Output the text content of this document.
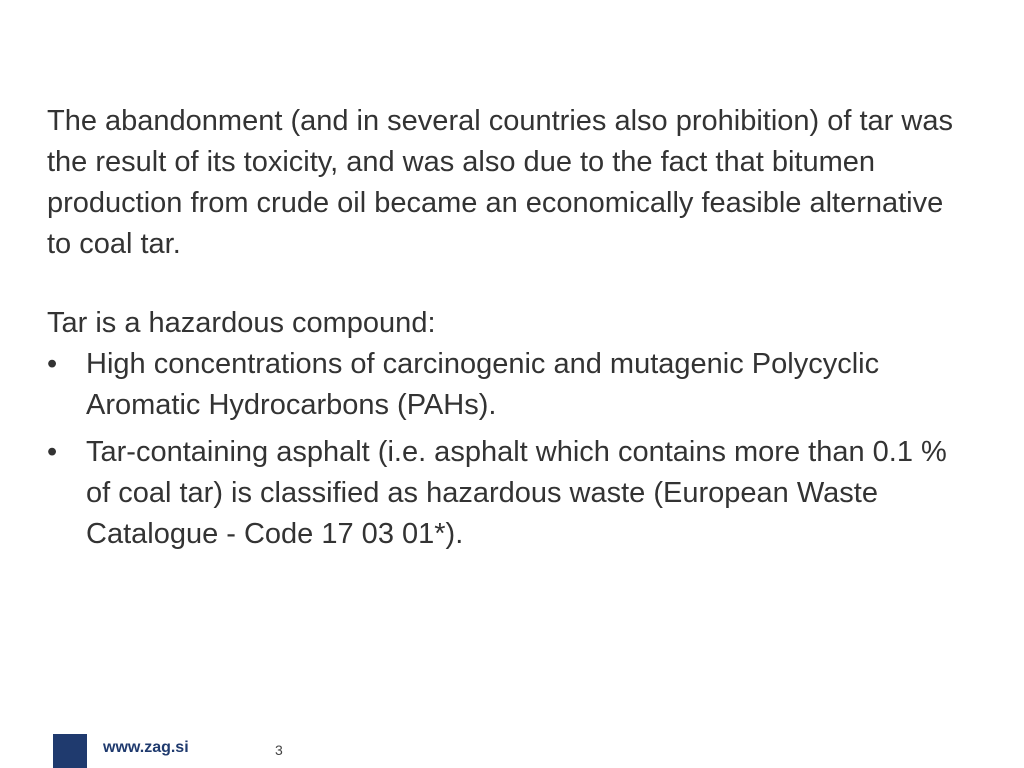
The abandonment (and in several countries also prohibition) of tar was the result of its toxicity, and was also due to the fact that bitumen production from crude oil became an economically feasible alternative to coal tar.

Tar is a hazardous compound:

• High concentrations of carcinogenic and mutagenic Polycyclic Aromatic Hydrocarbons (PAHs).
• Tar-containing asphalt (i.e. asphalt which contains more than 0.1 % of coal tar) is classified as hazardous waste (European Waste Catalogue - Code 17 03 01*).
www.zag.si	3
